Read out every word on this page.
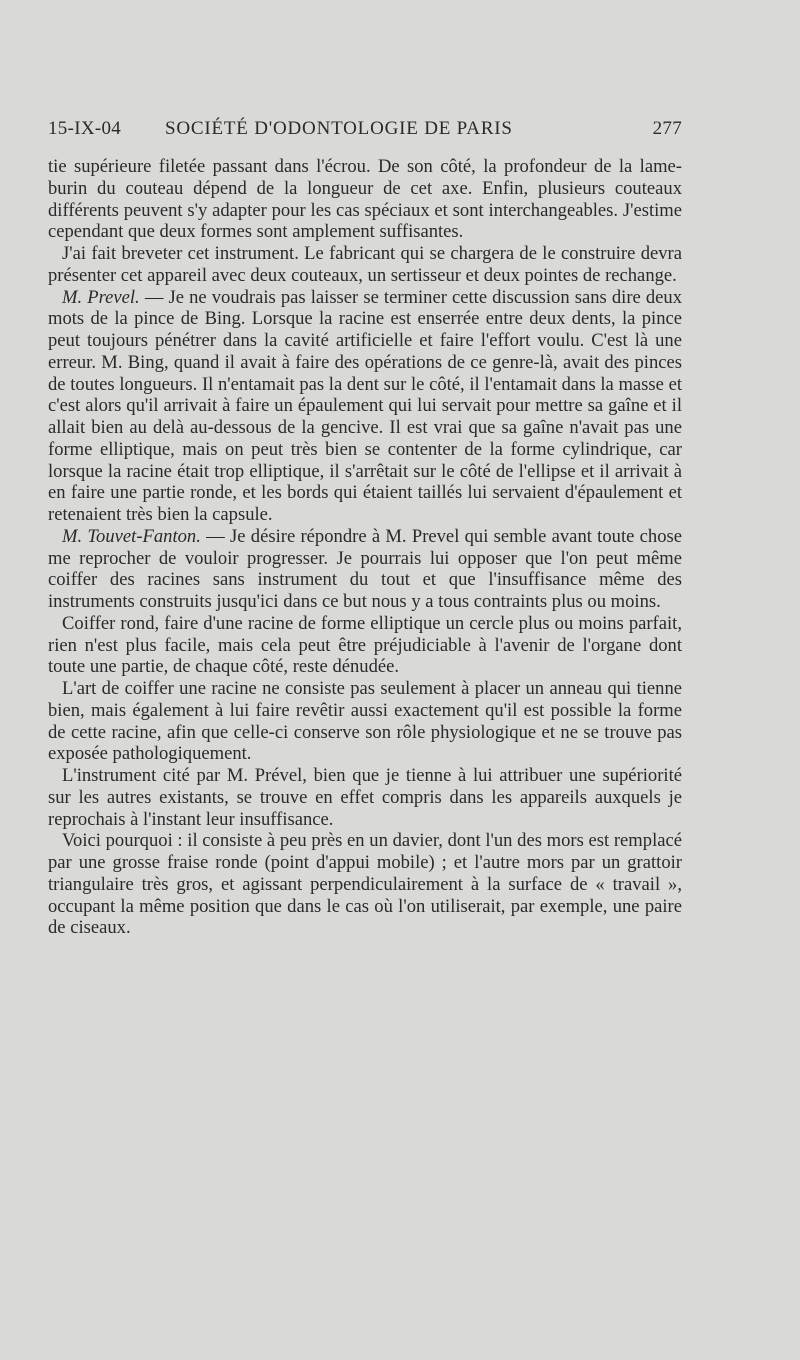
15-IX-04 SOCIÉTÉ D'ODONTOLOGIE DE PARIS	277

tie supérieure filetée passant dans l'écrou. De son côté, la profondeur de la lame-burin du couteau dépend de la longueur de cet axe. Enfin, plusieurs couteaux différents peuvent s'y adapter pour les cas spéciaux et sont interchangeables. J'estime cependant que deux formes sont amplement suffisantes.

J'ai fait breveter cet instrument. Le fabricant qui se chargera de le construire devra présenter cet appareil avec deux couteaux, un sertisseur et deux pointes de rechange.

M. Prevel. — Je ne voudrais pas laisser se terminer cette discussion sans dire deux mots de la pince de Bing. Lorsque la racine est enserrée entre deux dents, la pince peut toujours pénétrer dans la cavité artificielle et faire l'effort voulu. C'est là une erreur. M. Bing, quand il avait à faire des opérations de ce genre-là, avait des pinces de toutes longueurs. Il n'entamait pas la dent sur le côté, il l'entamait dans la masse et c'est alors qu'il arrivait à faire un épaulement qui lui servait pour mettre sa gaîne et il allait bien au delà au-dessous de la gencive. Il est vrai que sa gaîne n'avait pas une forme elliptique, mais on peut très bien se contenter de la forme cylindrique, car lorsque la racine était trop elliptique, il s'arrêtait sur le côté de l'ellipse et il arrivait à en faire une partie ronde, et les bords qui étaient taillés lui servaient d'épaulement et retenaient très bien la capsule.

M. Touvet-Fanton. — Je désire répondre à M. Prevel qui semble avant toute chose me reprocher de vouloir progresser. Je pourrais lui opposer que l'on peut même coiffer des racines sans instrument du tout et que l'insuffisance même des instruments construits jusqu'ici dans ce but nous y a tous contraints plus ou moins.

Coiffer rond, faire d'une racine de forme elliptique un cercle plus ou moins parfait, rien n'est plus facile, mais cela peut être préjudiciable à l'avenir de l'organe dont toute une partie, de chaque côté, reste dénudée.

L'art de coiffer une racine ne consiste pas seulement à placer un anneau qui tienne bien, mais également à lui faire revêtir aussi exactement qu'il est possible la forme de cette racine, afin que celle-ci conserve son rôle physiologique et ne se trouve pas exposée pathologiquement.

L'instrument cité par M. Prével, bien que je tienne à lui attribuer une supériorité sur les autres existants, se trouve en effet compris dans les appareils auxquels je reprochais à l'instant leur insuffisance.

Voici pourquoi : il consiste à peu près en un davier, dont l'un des mors est remplacé par une grosse fraise ronde (point d'appui mobile) ; et l'autre mors par un grattoir triangulaire très gros, et agissant perpendiculairement à la surface de « travail », occupant la même position que dans le cas où l'on utiliserait, par exemple, une paire de ciseaux.
